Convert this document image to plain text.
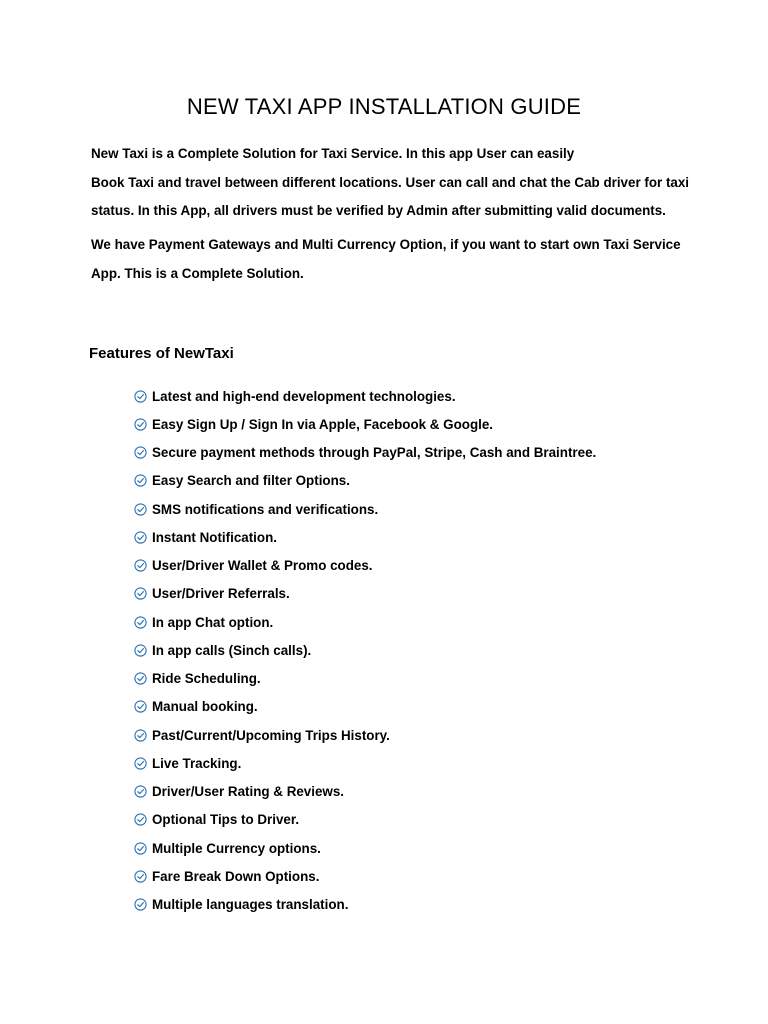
NEW TAXI APP INSTALLATION GUIDE

New Taxi is a Complete Solution for Taxi Service. In this app User can easily
Book Taxi and travel between different locations. User can call and chat the Cab driver for taxi
status. In this App, all drivers must be verified by Admin after submitting valid documents.

We have Payment Gateways and Multi Currency Option, if you want to start own Taxi Service
App. This is a Complete Solution.

Features of NewTaxi
Latest and high-end development technologies.
Easy Sign Up / Sign In via Apple, Facebook & Google.
Secure payment methods through PayPal, Stripe, Cash and Braintree.
Easy Search and filter Options.
SMS notifications and verifications.
Instant Notification.
User/Driver Wallet & Promo codes.
User/Driver Referrals.
In app Chat option.
In app calls (Sinch calls).
Ride Scheduling.
Manual booking.
Past/Current/Upcoming Trips History.
Live Tracking.
Driver/User Rating & Reviews.
Optional Tips to Driver.
Multiple Currency options.
Fare Break Down Options.
Multiple languages translation.
